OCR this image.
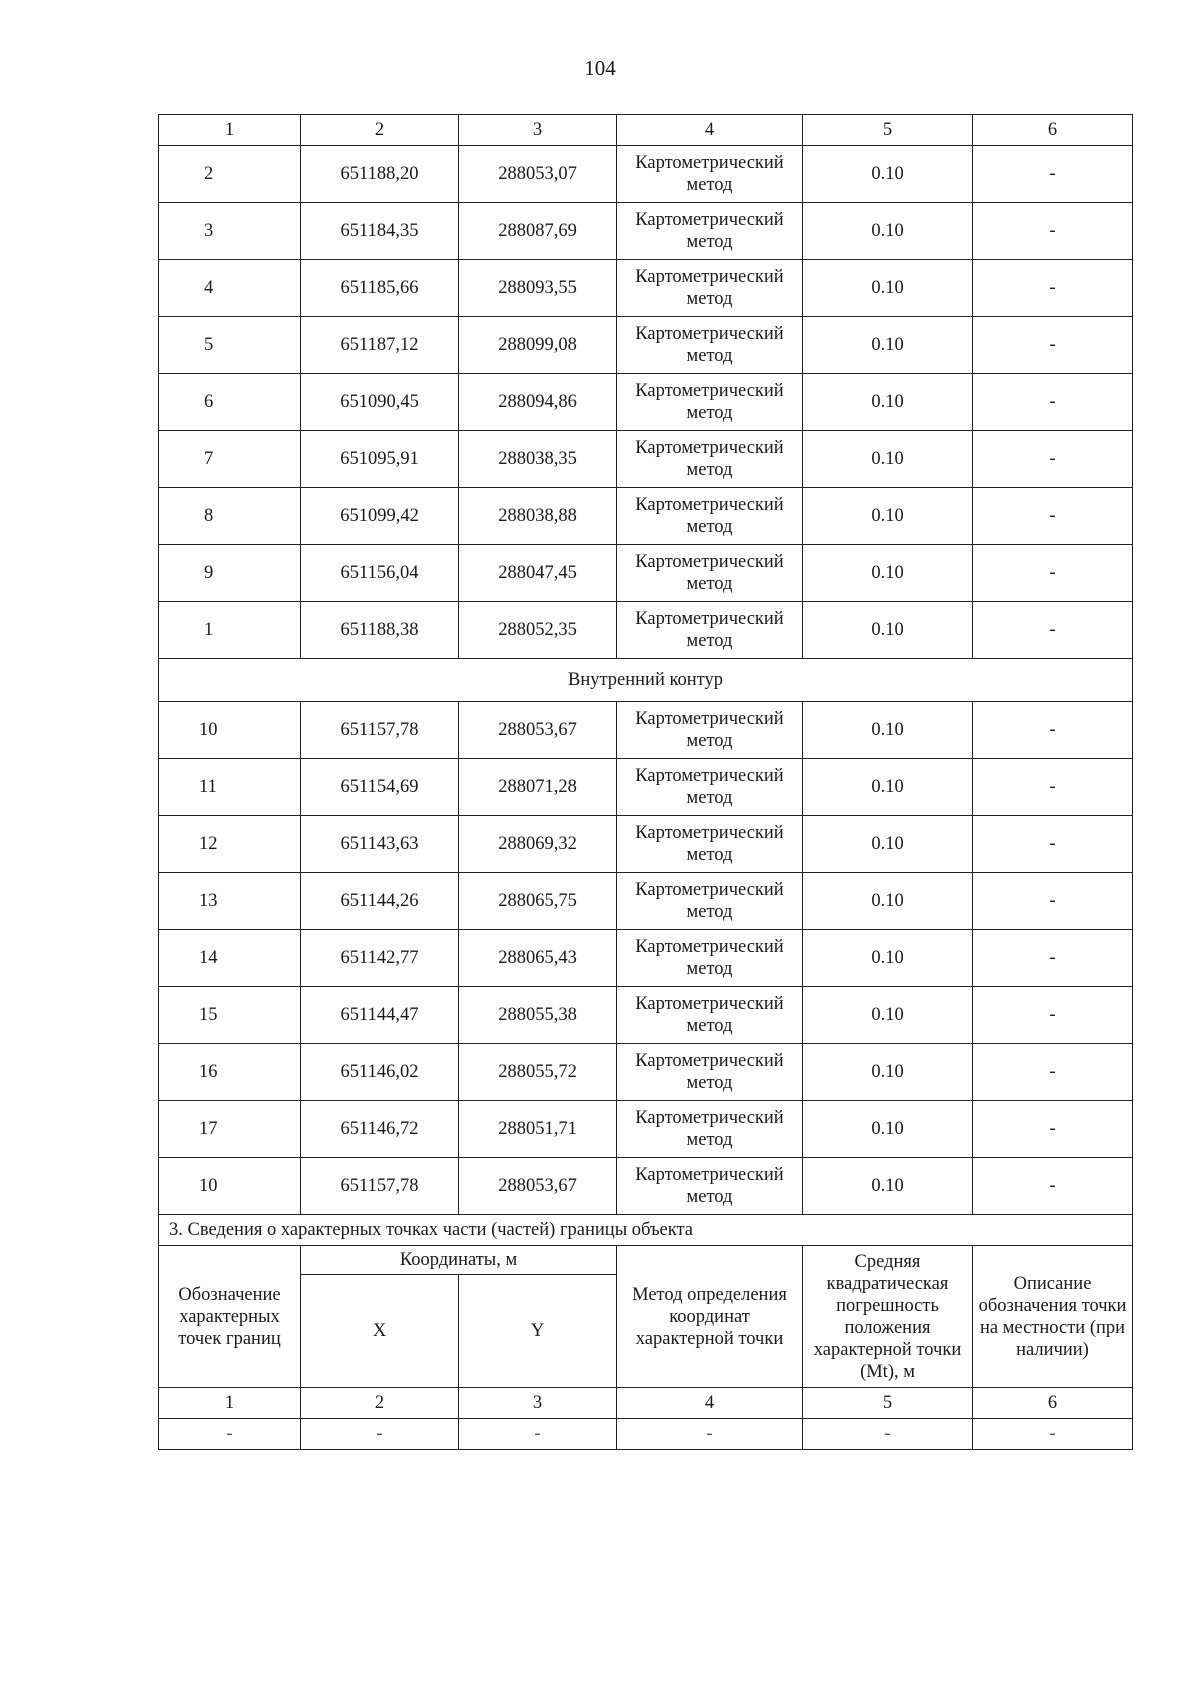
104
1	2	3	4	5	6
2	651188,20	288053,07	Картометрический метод	0.10	-
3	651184,35	288087,69	Картометрический метод	0.10	-
4	651185,66	288093,55	Картометрический метод	0.10	-
5	651187,12	288099,08	Картометрический метод	0.10	-
6	651090,45	288094,86	Картометрический метод	0.10	-
7	651095,91	288038,35	Картометрический метод	0.10	-
8	651099,42	288038,88	Картометрический метод	0.10	-
9	651156,04	288047,45	Картометрический метод	0.10	-
1	651188,38	288052,35	Картометрический метод	0.10	-
Внутренний контур					
10	651157,78	288053,67	Картометрический метод	0.10	-
11	651154,69	288071,28	Картометрический метод	0.10	-
12	651143,63	288069,32	Картометрический метод	0.10	-
13	651144,26	288065,75	Картометрический метод	0.10	-
14	651142,77	288065,43	Картометрический метод	0.10	-
15	651144,47	288055,38	Картометрический метод	0.10	-
16	651146,02	288055,72	Картометрический метод	0.10	-
17	651146,72	288051,71	Картометрический метод	0.10	-
10	651157,78	288053,67	Картометрический метод	0.10	-
3. Сведения о характерных точках части (частей) границы объекта					
Обозначение характерных точек границ	Координаты, м		Метод определения координат характерной точки	Средняя квадратическая погрешность положения характерной точки (Mt), м	Описание обозначения точки на местности (при наличии)
	X	Y			
1	2	3	4	5	6
-	-	-	-	-	-
